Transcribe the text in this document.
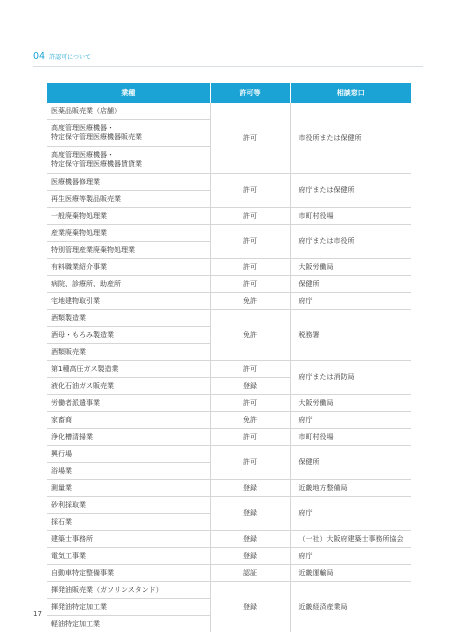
04 許認可について
業種	許可等	相談窓口
医薬品販売業（店舗）	許可	市役所または保健所
高度管理医療機器・
特定保守管理医療機器販売業		
高度管理医療機器・
特定保守管理医療機器賃貸業		
医療機器修理業	許可	府庁または保健所
再生医療等製品販売業		
一般廃棄物処理業	許可	市町村役場
産業廃棄物処理業	許可	府庁または市役所
特別管理産業廃棄物処理業		
有料職業紹介事業	許可	大阪労働局
病院、診療所、助産所	許可	保健所
宅地建物取引業	免許	府庁
酒類製造業	免許	税務署
酒母・もろみ製造業		
酒類販売業		
第1種高圧ガス製造業	許可	府庁または消防局
液化石油ガス販売業	登録	
労働者派遣事業	許可	大阪労働局
家畜商	免許	府庁
浄化槽清掃業	許可	市町村役場
興行場	許可	保健所
浴場業		
測量業	登録	近畿地方整備局
砂利採取業	登録	府庁
採石業		
建築士事務所	登録	（一社）大阪府建築士事務所協会
電気工事業	登録	府庁
自動車特定整備事業	認証	近畿運輸局
揮発油販売業（ガソリンスタンド）	登録	近畿経済産業局
揮発油特定加工業		
軽油特定加工業		
17
